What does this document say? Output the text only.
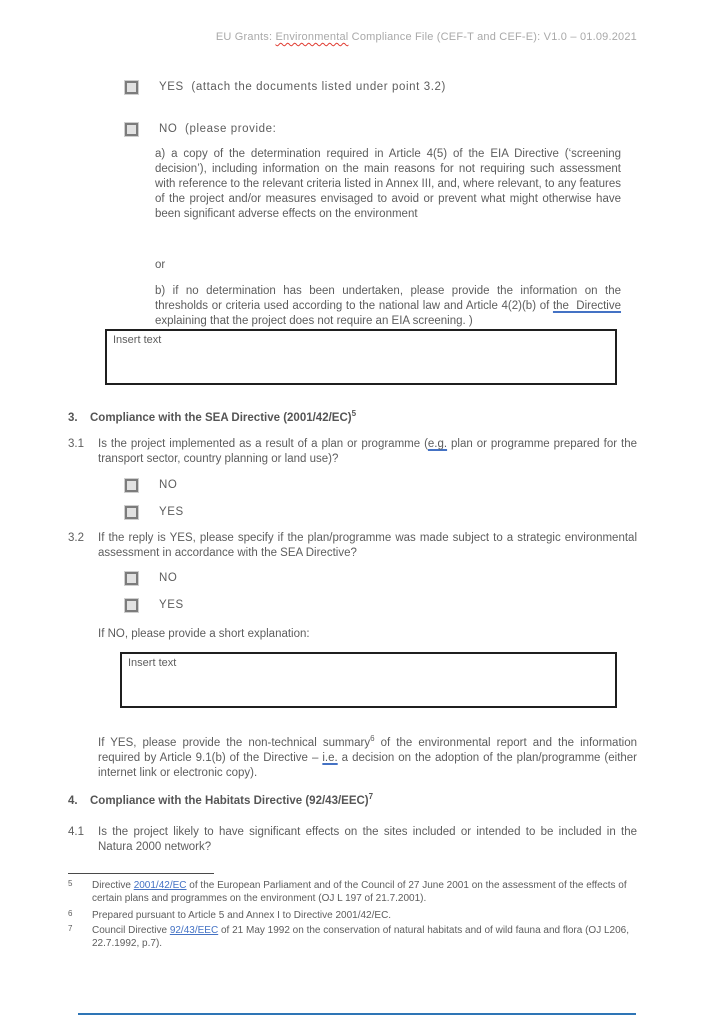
EU Grants: Environmental Compliance File (CEF-T and CEF-E): V1.0 – 01.09.2021
YES  (attach the documents listed under point 3.2)
NO  (please provide:
a) a copy of the determination required in Article 4(5) of the EIA Directive (‘screening decision’), including information on the main reasons for not requiring such assessment with reference to the relevant criteria listed in Annex III, and, where relevant, to any features of the project and/or measures envisaged to avoid or prevent what might otherwise have been significant adverse effects on the environment
or
b) if no determination has been undertaken, please provide the information on the thresholds or criteria used according to the national law and Article 4(2)(b) of the  Directive explaining that the project does not require an EIA screening. )
Insert text
3. Compliance with the SEA Directive $(2001/42/EC)^5$
3.1 Is the project implemented as a result of a plan or programme (e.g. plan or programme prepared for the transport sector, country planning or land use)?
NO
YES
3.2 If the reply is YES, please specify if the plan/programme was made subject to a strategic environmental assessment in accordance with the SEA Directive?
NO
YES
If NO, please provide a short explanation:
Insert text
If YES, please provide the non-technical summary$^6$ of the environmental report and the information required by Article 9.1(b) of the Directive – i.e. a decision on the adoption of the plan/programme (either internet link or electronic copy).
4. Compliance with the Habitats Directive $(92/43/EEC)^7$
4.1 Is the project likely to have significant effects on the sites included or intended to be included in the Natura 2000 network?
5 Directive 2001/42/EC of the European Parliament and of the Council of 27 June 2001 on the assessment of the effects of certain plans and programmes on the environment (OJ L 197 of 21.7.2001).
6 Prepared pursuant to Article 5 and Annex I to Directive 2001/42/EC.
7 Council Directive 92/43/EEC of 21 May 1992 on the conservation of natural habitats and of wild fauna and flora (OJ L206, 22.7.1992, p.7).
